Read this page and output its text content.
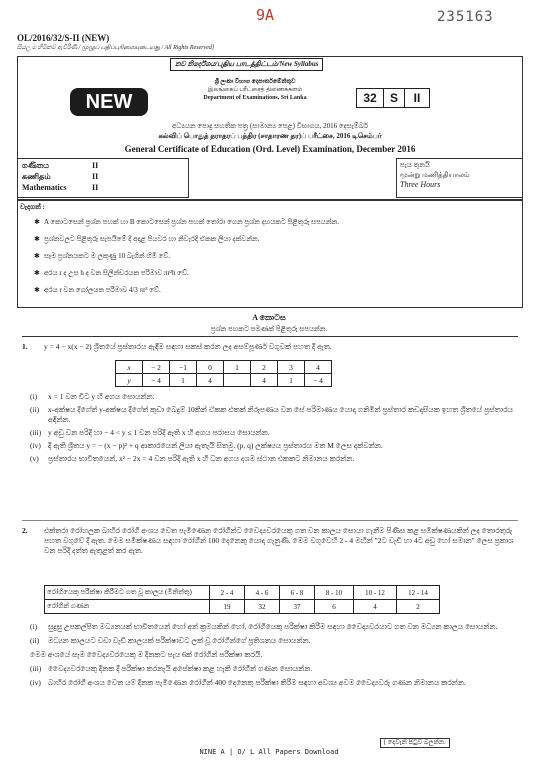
9A	235163
OL/2016/32/S-II (NEW)
සියලු ම හිමිකම් ඇවිරිණි / முழுப் பதிப்புரிமையுடையது / All Rights Reserved]
නව නිර්දේශය/புதிய பாடத்திட்டம்/New Syllabus
NEW
ශ්‍රී ලංකා විභාග දෙපාර්තමේන්තුව
இலங்கைப் பரீட்சைத் திணைக்களம்
Department of Examinations, Sri Lanka	32	S	II
අධ්‍යයන පොදු සහතික පත්‍ර (සාමාන්‍ය පෙළ) විභාගය, 2016 දෙසැම්බර්
கல்விப் பொதுத் தராதரப் பத்திர (சாதாரண தர)ப் பரீட்சை, 2016 டிசெம்பர்
General Certificate of Education (Ord. Level) Examination, December 2016
ගණිතය
கணிதம்
Mathematics
II
II
II
පැය තුනයි
மூன்று மணித்தியாலம்
Three Hours
වැදගත් :
✱ A කොටසෙන් ප්‍රශ්න පහක් හා B කොටසෙන් ප්‍රශ්න පහක් තෝරා ගෙන ප්‍රශ්න දහයකට පිළිතුරු සපයන්න.
✱ ප්‍රශ්නවලට පිළිතුරු සැපයීමේ දී අදාළ පියවර හා නිවැරදි ඒකක ලියා දක්වන්න.
✱ සෑම ප්‍රශ්නයකට ම ලකුණු 10 බැගින් හිමි වේ.
✱ අරය r ද උස h ද වන සිලින්ඩරයක පරිමාව πr²h වේ.
✱ අරය r වන ගෝලයක පරිමාව 4/3 πr³ වේ.
A කොටස
ප්‍රශ්න පහකට පමණක් පිළිතුරු සපයන්න.
1. y = 4 − x(x − 2) ශ්‍රිතයේ ප්‍රස්තාරය ඇඳීම සඳහා සකස් කරන ලද අසම්පූර්ණ වගුවක් පහත දී ඇත.
x	− 2	−1	0	1	2	3	4
y	− 4	1	4		4	1	− 4
(i)	x = 1 වන විට y හි අගය සොයන්න.
(ii)	x-අක්ෂය දිගේත් y-අක්ෂය දිගේත් කුඩා බෙදුම් 10කින් ඒකක එකක් නිරූපණය වන සේ පරිමාණය යොදා ගනිමින් ප්‍රස්තාර කඩදාසියක ඉහත ශ්‍රිතයේ ප්‍රස්තාරය අඳින්න.
(iii) y අඩු වන පරිදි හා − 4 < y ≤ 1 වන පරිදි ඇති x හි අගය පරාසය සොයන්න.
(iv) දී ඇති ශ්‍රිතය y = − (x − p)² + q ආකාරයෙන් ලියා ඇතැයි සිතමු. (p, q) ලක්ෂ්‍යය ප්‍රස්තාරය මත M ලෙස දක්වන්න.
(v)	ප්‍රස්තාරය භාවිතයෙන්, x² − 2x = 4 වන පරිදි ඇති x හි ධන අගය දශම ස්ථාන එකකට නිමානය කරන්න.
2. එක්තරා රෝහලක බාහිර රෝගී අංශය වෙත පැමිණෙන රෝගීන්ට වෛද්‍යවරයෙකු ගත වන කාලය සොයා ගැනීම පිණිස කළ සමීක්ෂණයකින් ලද තොරතුරු පහත වගුවේ දී ඇත. මෙම සමීක්ෂණය සඳහා රෝගීන් 100 දෙනෙකු යොදා ගැනුණි. මෙම වගුවෙහි 2 - 4 මඟින් "2ට වැඩි හා 4ට අඩු හෝ සමාන" ලෙස ප්‍රකාශ වන පරිදි දත්ත ඇතුළත් කර ඇත.
රෝගීයෙකු පරීක්ෂා කිරීමට ගත වූ කාලය (මිනිත්තු)	2 - 4	4 - 6	6 - 8	8 - 10	10 - 12	12 - 14
රෝගීන් ගණන	19	32	37	6	4	2
(i)	සුදුසු උපකල්පිත මධ්‍යනයක් භාවිතයෙන් හෝ අන් ක්‍රමයකින් හෝ, රෝගියෙකු පරීක්ෂා කිරීම සඳහා වෛද්‍යවරයාට ගත වන මධ්‍යන කාලය සොයන්න.
(ii)	මධ්‍යන කාලයට වඩා වැඩි කාලයක් පරීක්ෂාවට ලක් වූ රෝගීන්ගේ ප්‍රතිශතය සොයන්න.
මෙම අංශයේ සෑම වෛද්‍යවරයෙකු ම දිනකට පැය 6ක් රෝගීන් පරීක්ෂා කරයි.
(iii) වෛද්‍යවරයෙකු දිනක දී පරීක්ෂා කරනැයි අපේක්ෂා කළ හැකි රෝගීන් ගණන සොයන්න.
(iv) බාහිර රෝගී අංශය වෙත යම් දිනක පැමිණෙන රෝගීන් 400 දෙනෙකු පරීක්ෂා කිරීම සඳහා අවශ්‍ය අවම වෛද්‍යවරු ගණන නිමානය කරන්න.
[ දෙවැනි පිටුව බලන්න.
NINE A | O/ L All Papers Download
